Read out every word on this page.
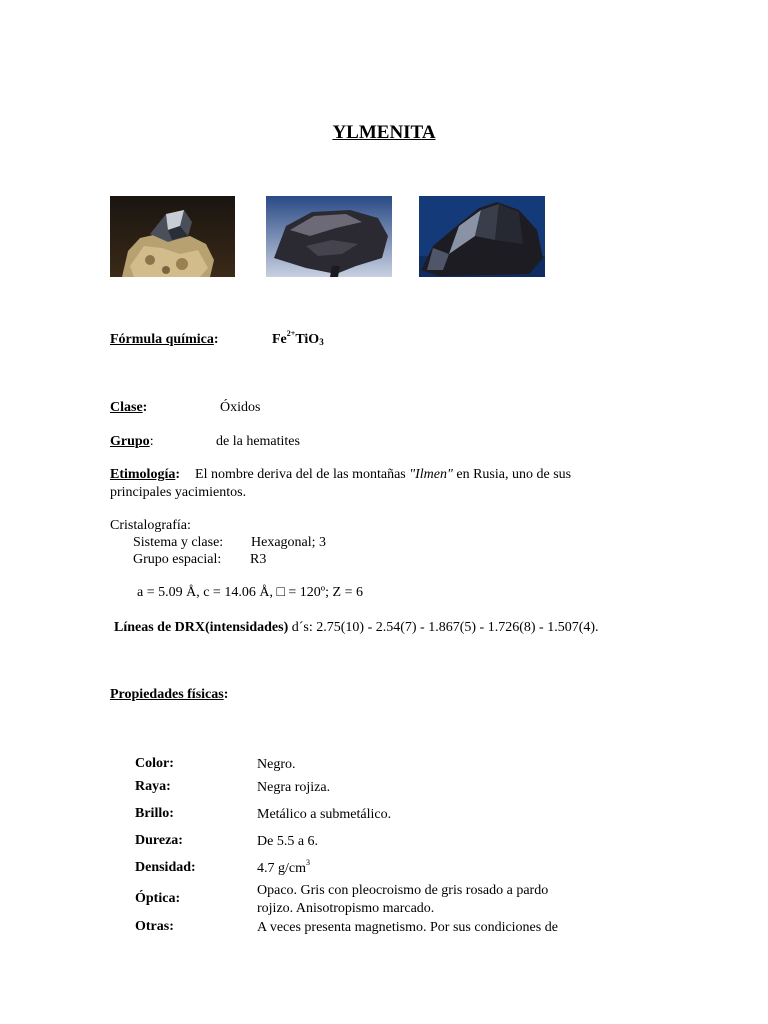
YLMENITA
Fórmula química:	$Fe^{2+}TiO_3$
Clase:	Óxidos
Grupo:	de la hematites
Etimología: El nombre deriva del de las montañas "Ilmen" en Rusia, uno de sus
principales yacimientos.
Cristalografía:
Sistema y clase: Hexagonal; 3
Grupo espacial: R3
a = 5.09 Å, c = 14.06 Å, □ = 120º; Z = 6
Líneas de DRX(intensidades) d´s: 2.75(10) - 2.54(7) - 1.867(5) - 1.726(8) - 1.507(4).
Propiedades físicas:
Color:	Negro.
Raya:	Negra rojiza.
Brillo:	Metálico a submetálico.
Dureza:	De 5.5 a 6.
Densidad:	4.7 $g/cm^3$
Óptica:
Opaco. Gris con pleocroismo de gris rosado a pardo
rojizo. Anisotropismo marcado.
Otras:	A veces presenta magnetismo. Por sus condiciones de
